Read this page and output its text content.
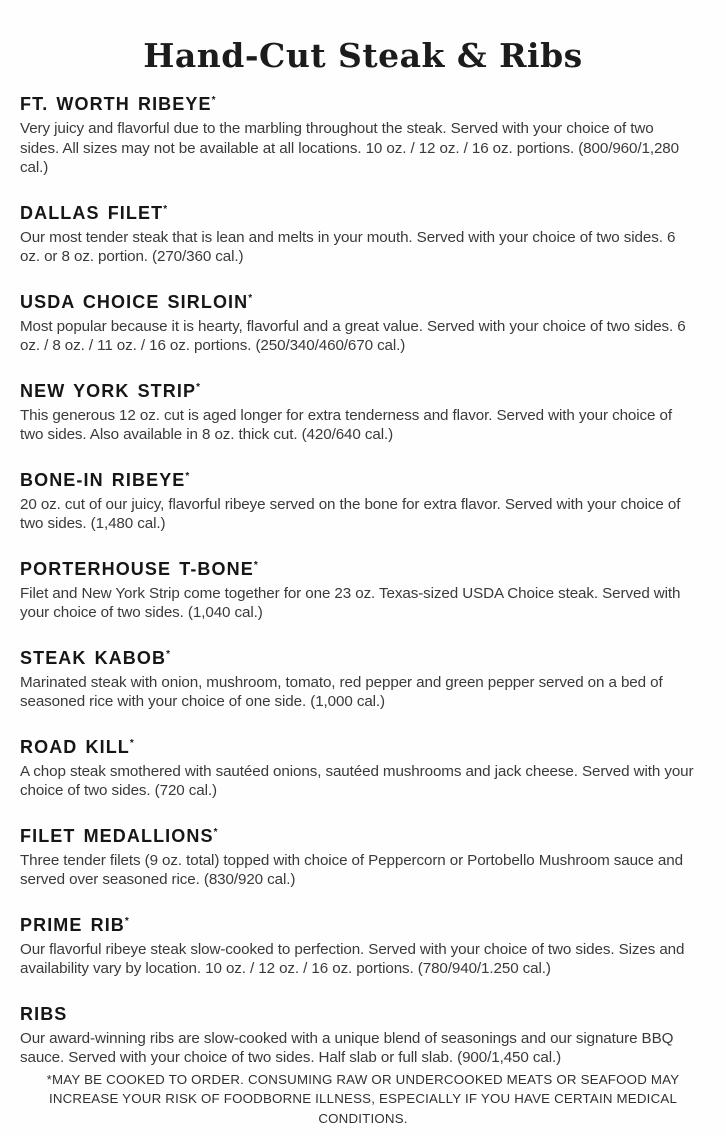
Hand-Cut Steak & Ribs
FT. WORTH RIBEYE*

Very juicy and flavorful due to the marbling throughout the steak. Served with your choice of two sides. All sizes may not be available at all locations. 10 oz. / 12 oz. / 16 oz. portions. (800/960/1,280 cal.)

DALLAS FILET*

Our most tender steak that is lean and melts in your mouth. Served with your choice of two sides. 6 oz. or 8 oz. portion. (270/360 cal.)

USDA CHOICE SIRLOIN*

Most popular because it is hearty, flavorful and a great value. Served with your choice of two sides. 6 oz. / 8 oz. / 11 oz. / 16 oz. portions. (250/340/460/670 cal.)

NEW YORK STRIP*

This generous 12 oz. cut is aged longer for extra tenderness and flavor. Served with your choice of two sides. Also available in 8 oz. thick cut. (420/640 cal.)

BONE-IN RIBEYE*

20 oz. cut of our juicy, flavorful ribeye served on the bone for extra flavor. Served with your choice of two sides. (1,480 cal.)

PORTERHOUSE T-BONE*

Filet and New York Strip come together for one 23 oz. Texas-sized USDA Choice steak. Served with your choice of two sides. (1,040 cal.)

STEAK KABOB*

Marinated steak with onion, mushroom, tomato, red pepper and green pepper served on a bed of seasoned rice with your choice of one side. (1,000 cal.)

ROAD KILL*

A chop steak smothered with sautéed onions, sautéed mushrooms and jack cheese. Served with your choice of two sides. (720 cal.)

FILET MEDALLIONS*

Three tender filets (9 oz. total) topped with choice of Peppercorn or Portobello Mushroom sauce and served over seasoned rice. (830/920 cal.)

PRIME RIB*

Our flavorful ribeye steak slow-cooked to perfection. Served with your choice of two sides. Sizes and availability vary by location. 10 oz. / 12 oz. / 16 oz. portions. (780/940/1.250 cal.)

RIBS

Our award-winning ribs are slow-cooked with a unique blend of seasonings and our signature BBQ sauce. Served with your choice of two sides. Half slab or full slab. (900/1,450 cal.)

*MAY BE COOKED TO ORDER. CONSUMING RAW OR UNDERCOOKED MEATS OR SEAFOOD MAY INCREASE YOUR RISK OF FOODBORNE ILLNESS, ESPECIALLY IF YOU HAVE CERTAIN MEDICAL CONDITIONS.
